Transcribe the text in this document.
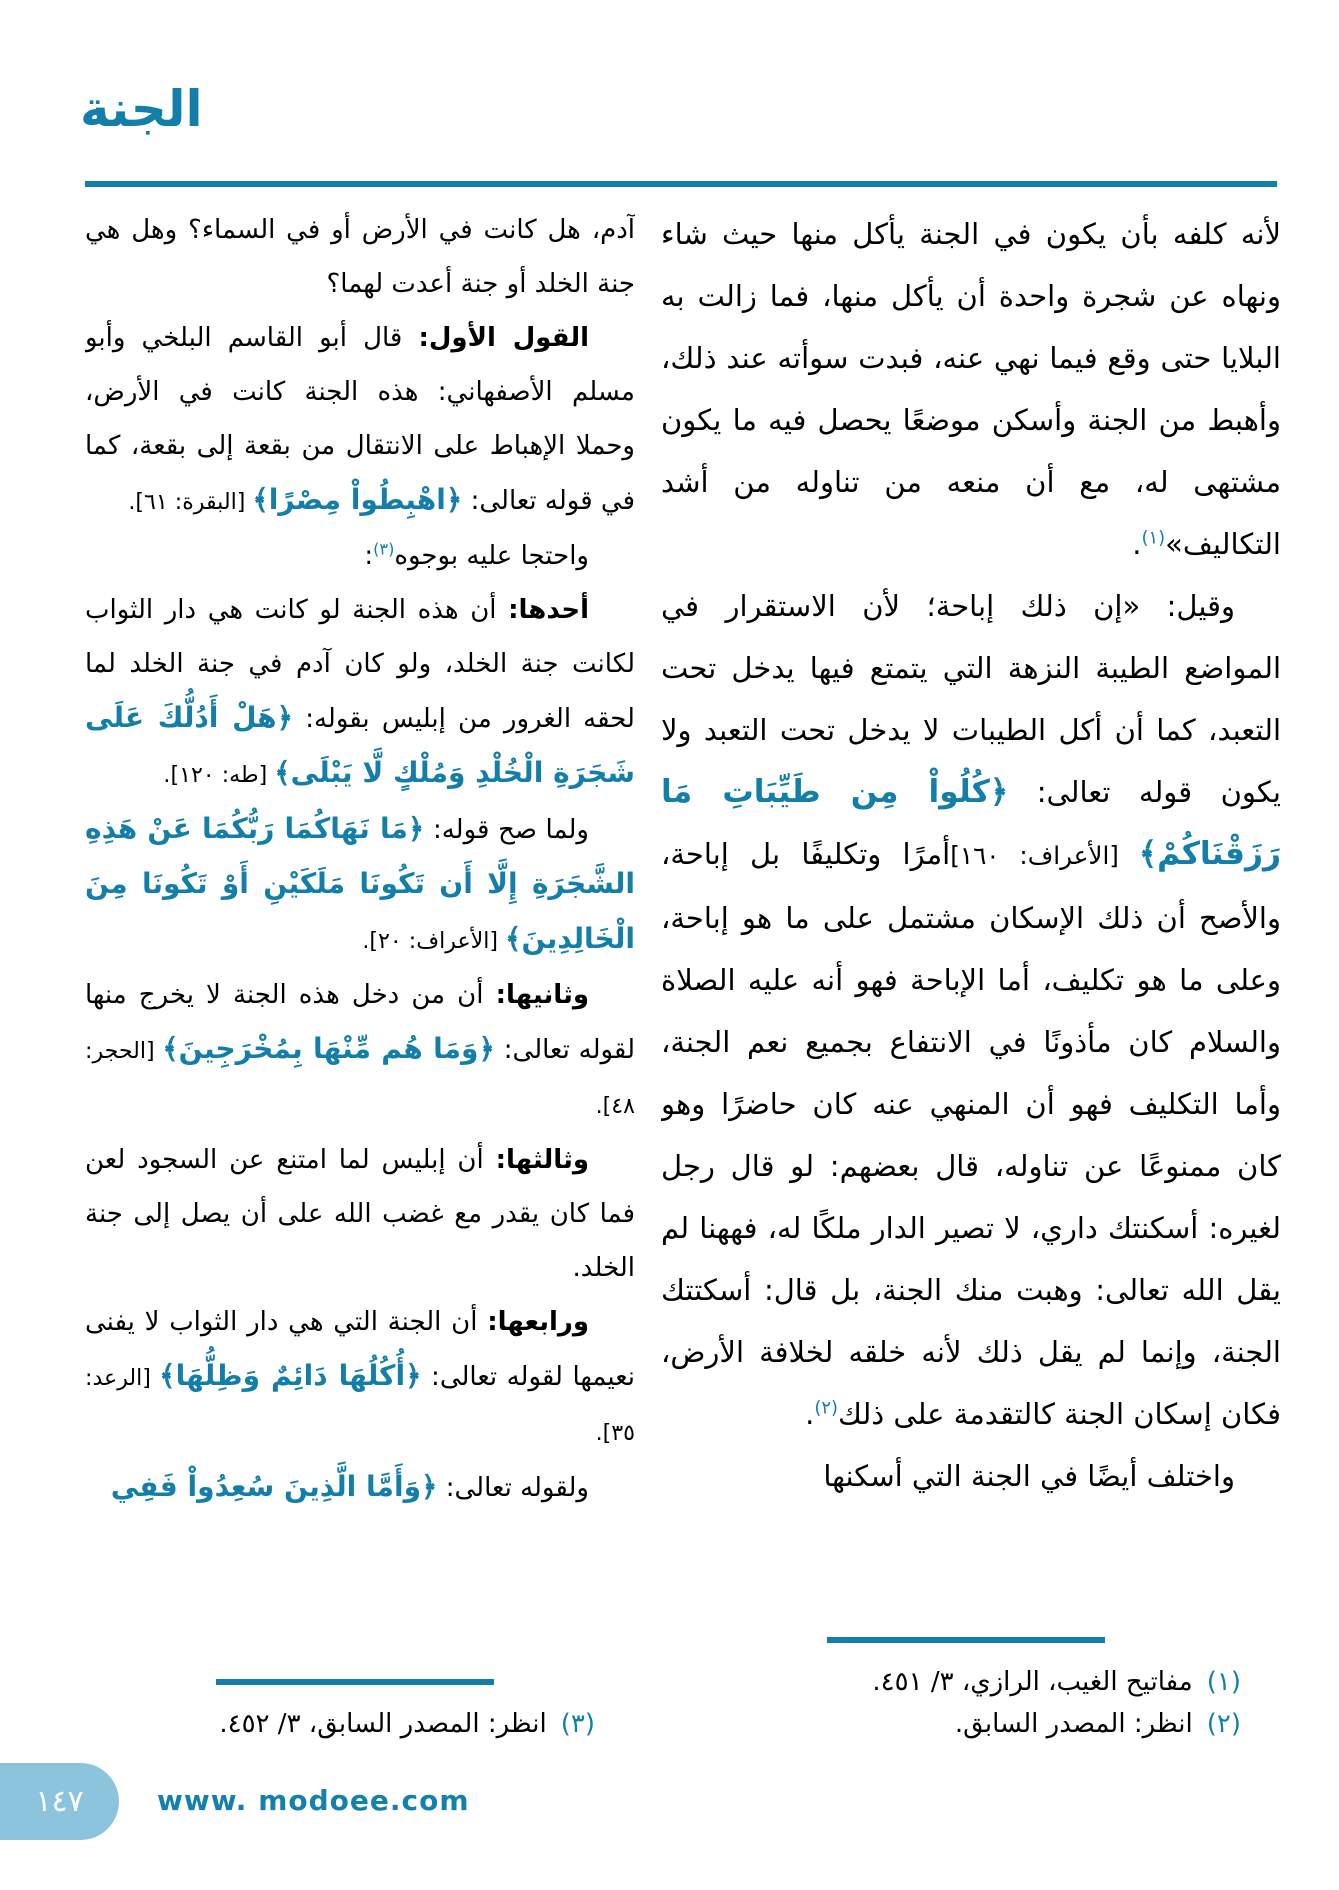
الجنة

لأنه كلفه بأن يكون في الجنة يأكل منها حيث شاء ونهاه عن شجرة واحدة أن يأكل منها، فما زالت به البلايا حتى وقع فيما نهي عنه، فبدت سوأته عند ذلك، وأهبط من الجنة وأسكن موضعًا يحصل فيه ما يكون مشتهى له، مع أن منعه من تناوله من أشد التكاليف»$^{(١)}$.

وقيل: «إن ذلك إباحة؛ لأن الاستقرار في المواضع الطيبة النزهة التي يتمتع فيها يدخل تحت التعبد، كما أن أكل الطيبات لا يدخل تحت التعبد ولا يكون قوله تعالى: ﴿كُلُواْ مِن طَيِّبَاتِ مَا رَزَقْنَاكُمْ﴾ [الأعراف: ١٦٠]أمرًا وتكليفًا بل إباحة، والأصح أن ذلك الإسكان مشتمل على ما هو إباحة، وعلى ما هو تكليف، أما الإباحة فهو أنه عليه الصلاة والسلام كان مأذونًا في الانتفاع بجميع نعم الجنة، وأما التكليف فهو أن المنهي عنه كان حاضرًا وهو كان ممنوعًا عن تناوله، قال بعضهم: لو قال رجل لغيره: أسكنتك داري، لا تصير الدار ملكًا له، فههنا لم يقل الله تعالى: وهبت منك الجنة، بل قال: أسكتتك الجنة، وإنما لم يقل ذلك لأنه خلقه لخلافة الأرض، فكان إسكان الجنة كالتقدمة على ذلك$^{(٢)}$.

واختلف أيضًا في الجنة التي أسكنها

(١)
مفاتيح الغيب، الرازي، ٣/ ٤٥١.
(٢)
انظر: المصدر السابق.

آدم، هل كانت في الأرض أو في السماء؟ وهل هي جنة الخلد أو جنة أعدت لهما؟

القول الأول: قال أبو القاسم البلخي وأبو مسلم الأصفهاني: هذه الجنة كانت في الأرض، وحملا الإهباط على الانتقال من بقعة إلى بقعة، كما في قوله تعالى: ﴿اهْبِطُواْ مِصْرًا﴾ [البقرة: ٦١].

واحتجا عليه بوجوه$^{(٣)}$:

أحدها: أن هذه الجنة لو كانت هي دار الثواب لكانت جنة الخلد، ولو كان آدم في جنة الخلد لما لحقه الغرور من إبليس بقوله: ﴿هَلْ أَدُلُّكَ عَلَى شَجَرَةِ الْخُلْدِ وَمُلْكٍ لَّا يَبْلَى﴾ [طه: ١٢٠].

ولما صح قوله: ﴿مَا نَهَاكُمَا رَبُّكُمَا عَنْ هَذِهِ الشَّجَرَةِ إِلَّا أَن تَكُونَا مَلَكَيْنِ أَوْ تَكُونَا مِنَ الْخَالِدِينَ﴾ [الأعراف: ٢٠].

وثانيها: أن من دخل هذه الجنة لا يخرج منها لقوله تعالى: ﴿وَمَا هُم مِّنْهَا بِمُخْرَجِينَ﴾ [الحجر: ٤٨].

وثالثها: أن إبليس لما امتنع عن السجود لعن فما كان يقدر مع غضب الله على أن يصل إلى جنة الخلد.

ورابعها: أن الجنة التي هي دار الثواب لا يفنى نعيمها لقوله تعالى: ﴿أُكُلُهَا دَائِمٌ وَظِلُّهَا﴾ [الرعد: ٣٥].

ولقوله تعالى: ﴿وَأَمَّا الَّذِينَ سُعِدُواْ فَفِي

(٣)
انظر: المصدر السابق، ٣/ ٤٥٢.
١٤٧	www. modoee.com
